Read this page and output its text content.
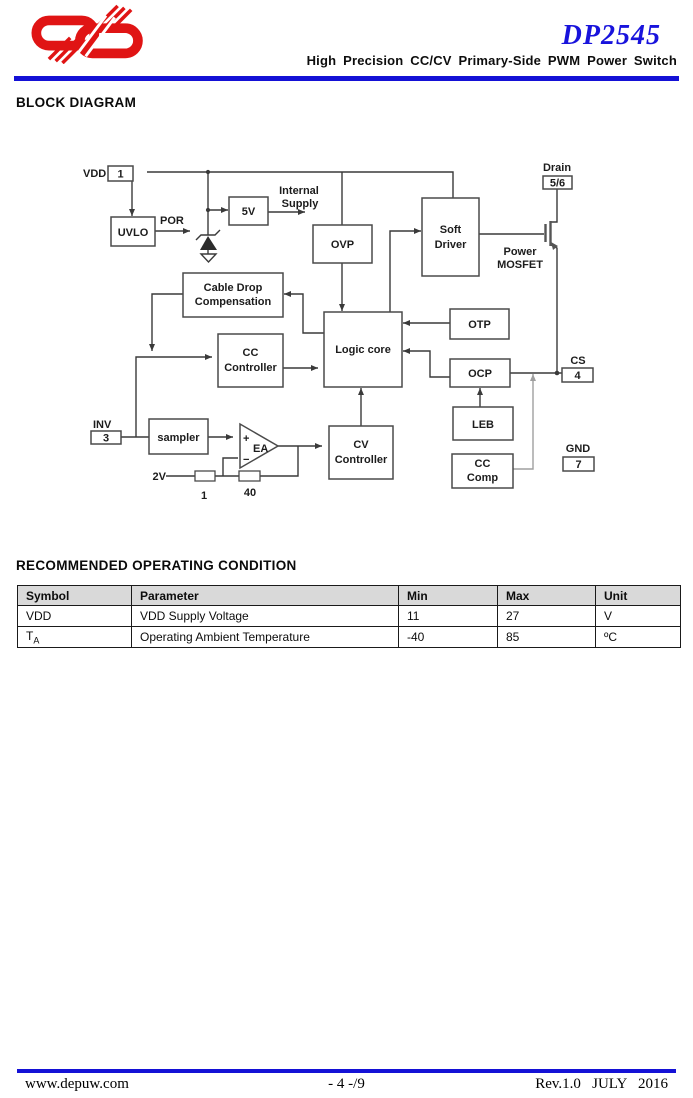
DP2545
High Precision CC/CV Primary-Side PWM Power Switch
BLOCK DIAGRAM
UVLO
5V
OVP
Soft
Driver
Cable Drop
Compensation
CC
Controller
Logic core
OTP
OCP
LEB
CC
Comp
sampler
CV
Controller
+
−
EA
1	40
2V
VDD 1
Drain
5/6
INV
3
CS
4
GND
7
POR
Internal
Supply
Power
MOSFET
RECOMMENDED OPERATING CONDITION
Symbol	Parameter	Min	Max	Unit
VDD	VDD Supply Voltage	11	27	V
$T_A$	Operating Ambient Temperature	-40	85	ºC
www.depuw.com	- 4 -/9	Rev.1.0   JULY   2016
